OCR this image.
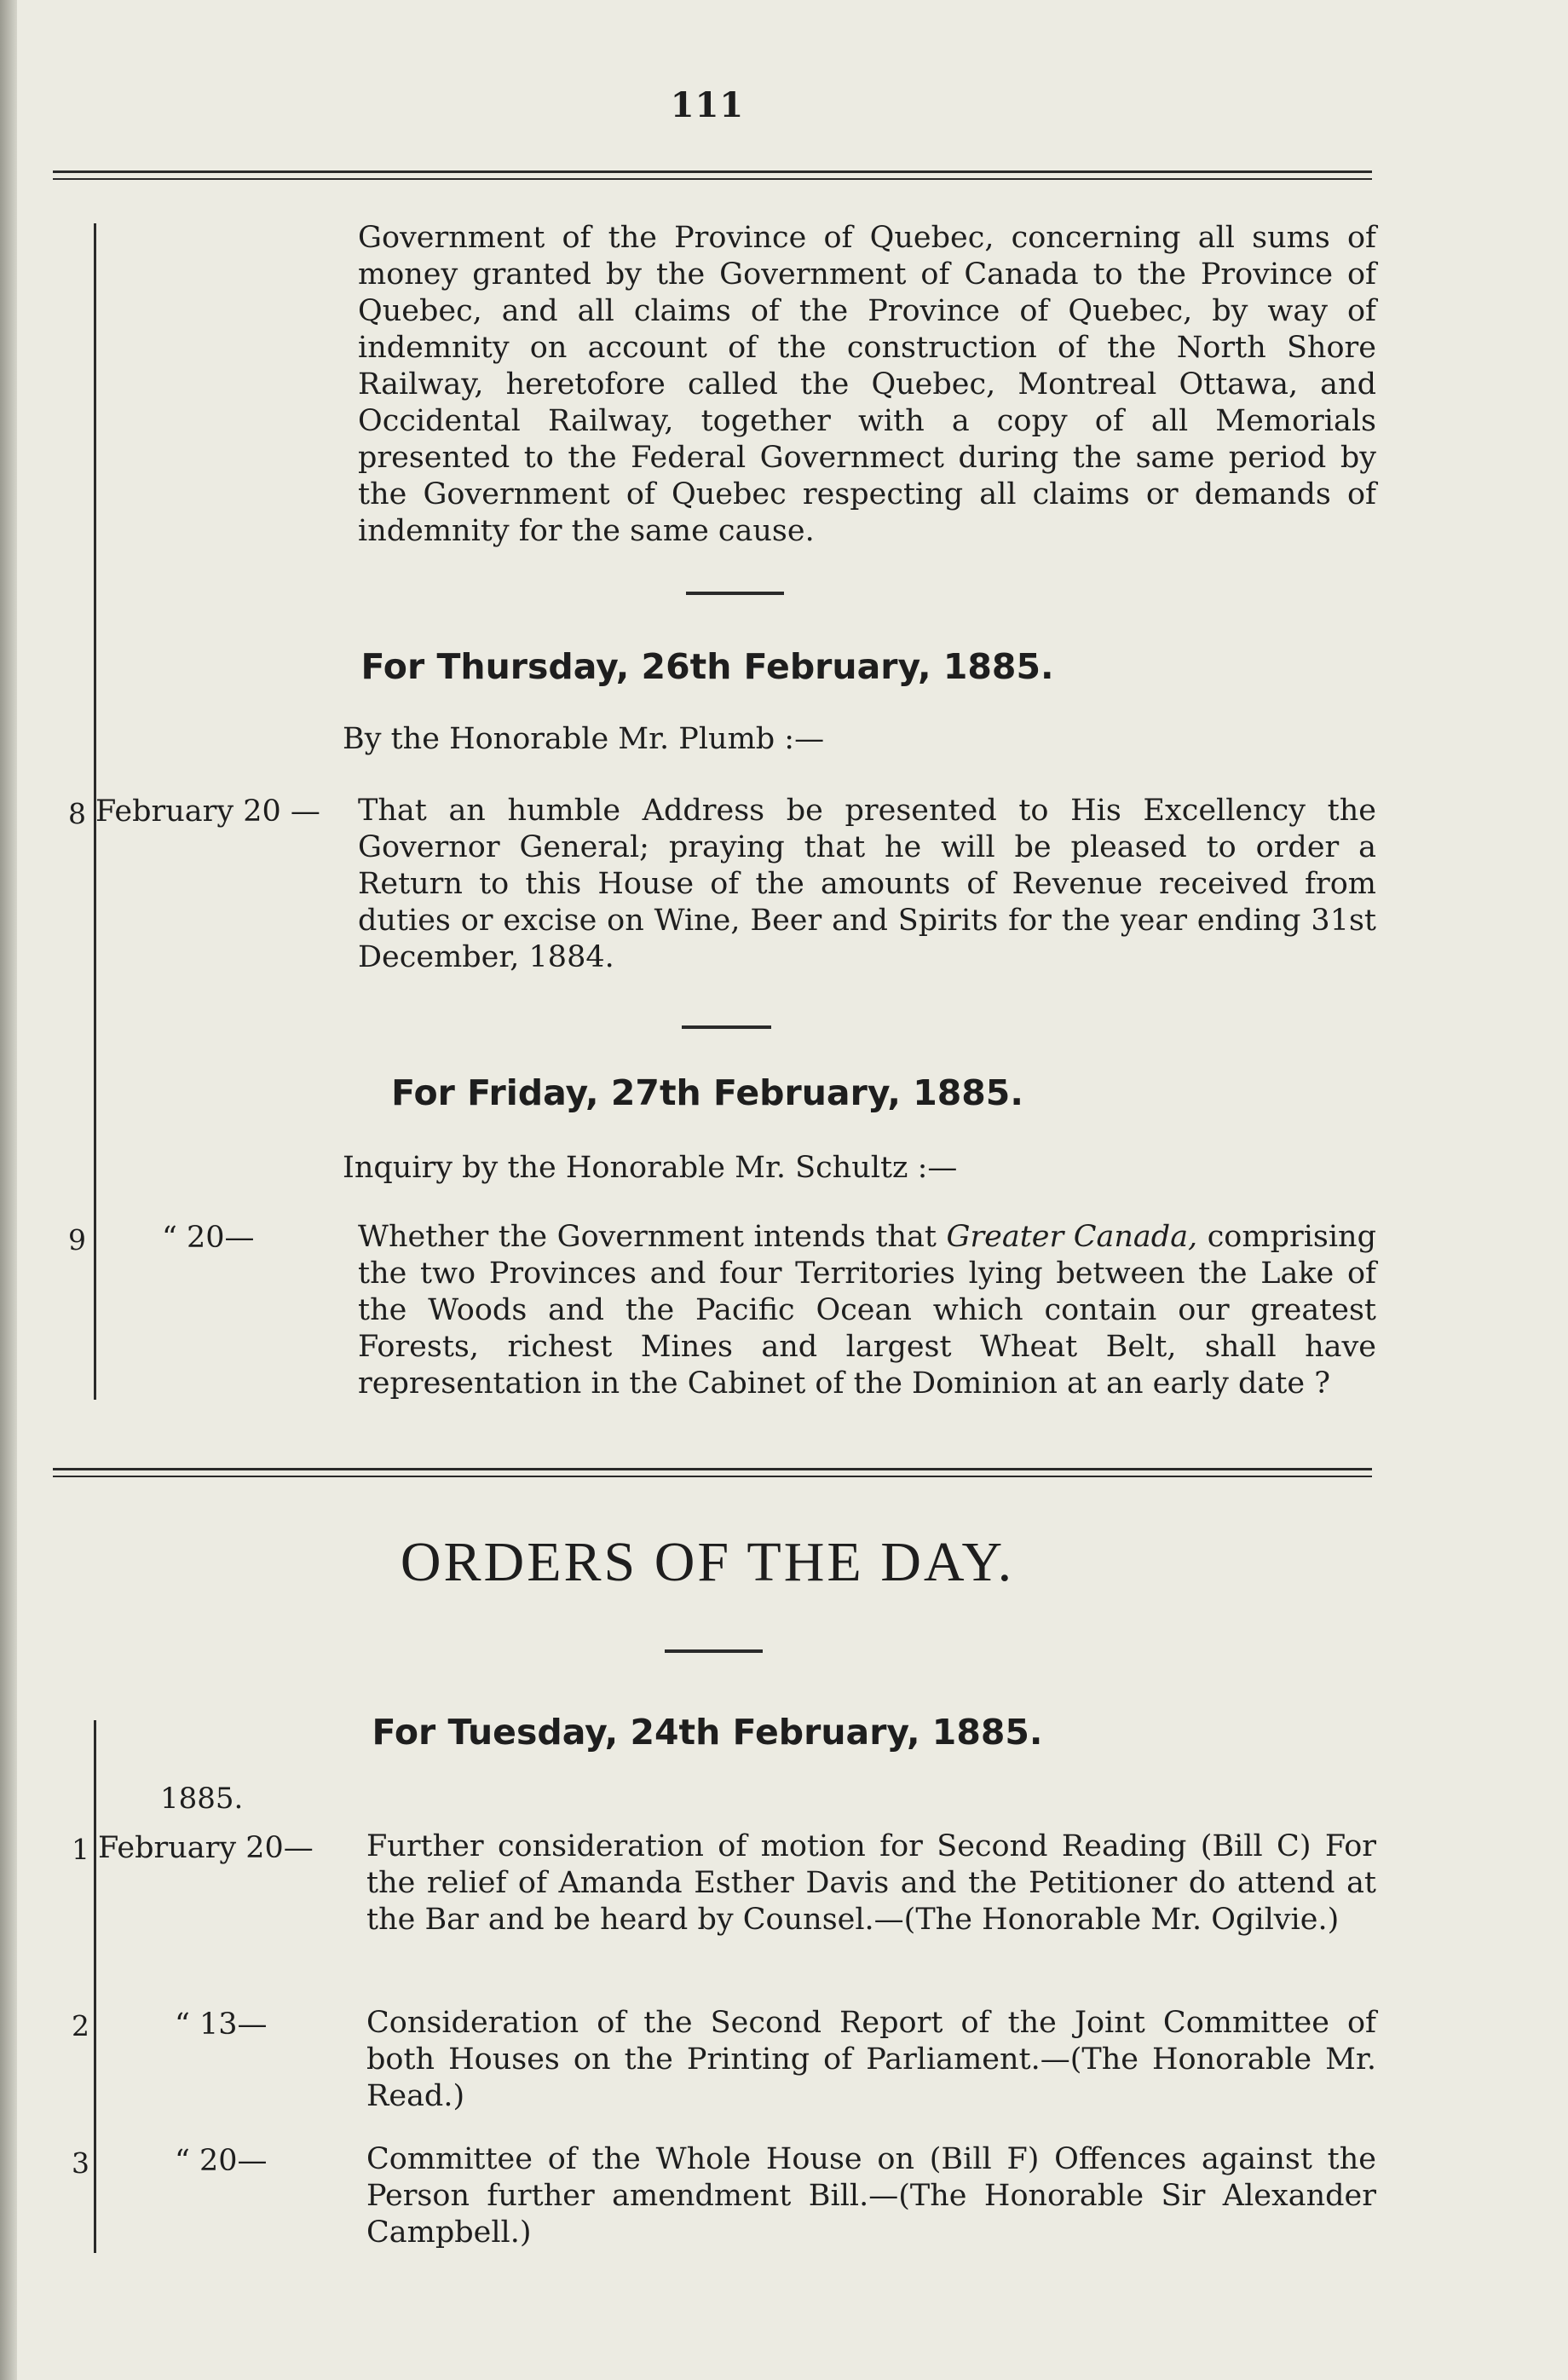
111
Government of the Province of Quebec, concerning all sums of money granted by the Government of Canada to the Province of Quebec, and all claims of the Province of Quebec, by way of indemnity on account of the construction of the North Shore Railway, heretofore called the Quebec, Montreal Ottawa, and Occidental Railway, together with a copy of all Memorials presented to the Federal Governmect during the same period by the Government of Quebec respecting all claims or demands of indemnity for the same cause.
For Thursday, 26th February, 1885.
By the Honorable Mr. Plumb :—
8 February 20 — That an humble Address be presented to His Excellency the Governor General; praying that he will be pleased to order a Return to this House of the amounts of Revenue received from duties or excise on Wine, Beer and Spirits for the year ending 31st December, 1884.
For Friday, 27th February, 1885.
Inquiry by the Honorable Mr. Schultz :—
9	“ 20—	Whether the Government intends that Greater Canada, comprising the two Provinces and four Territories lying between the Lake of the Woods and the Pacific Ocean which contain our greatest Forests, richest Mines and largest Wheat Belt, shall have representation in the Cabinet of the Dominion at an early date ?
ORDERS OF THE DAY.
For Tuesday, 24th February, 1885.
1885.
1 February 20— Further consideration of motion for Second Reading (Bill C) For the relief of Amanda Esther Davis and the Petitioner do attend at the Bar and be heard by Counsel.—(The Honorable Mr. Ogilvie.)
2	“ 13—	Consideration of the Second Report of the Joint Committee of both Houses on the Printing of Parliament.—(The Honorable Mr. Read.)
3	“ 20—	Committee of the Whole House on (Bill F) Offences against the Person further amendment Bill.—(The Honorable Sir Alexander Campbell.)
